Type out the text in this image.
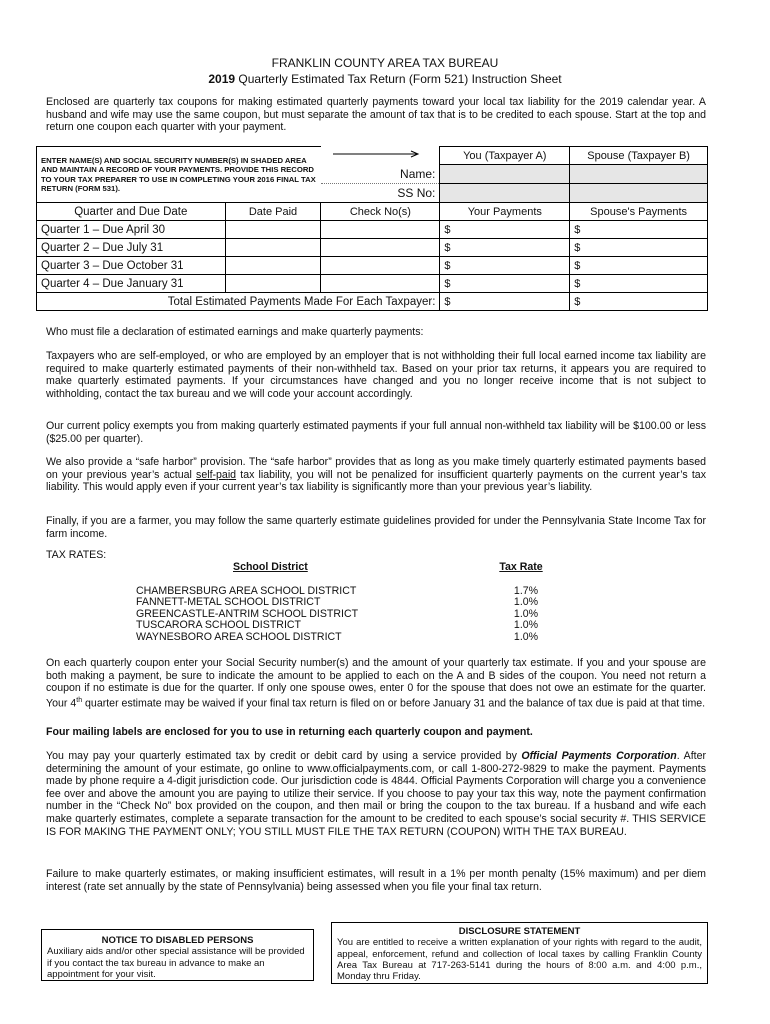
FRANKLIN COUNTY AREA TAX BUREAU
2019 Quarterly Estimated Tax Return (Form 521) Instruction Sheet

Enclosed are quarterly tax coupons for making estimated quarterly payments toward your local tax liability for the 2019 calendar year. A husband and wife may use the same coupon, but must separate the amount of tax that is to be credited to each spouse. Start at the top and return one coupon each quarter with your payment.

ENTER NAME(S) AND SOCIAL SECURITY NUMBER(S) IN SHADED AREA AND MAINTAIN A RECORD OF YOUR PAYMENTS. PROVIDE THIS RECORD TO YOUR TAX PREPARER TO USE IN COMPLETING YOUR 2016 FINAL TAX RETURN (FORM 531).			You (Taxpayer A)	Spouse (Taxpayer B)
		Name:		
		SS No:		
Quarter and Due Date	Date Paid	Check No(s)	Your Payments	Spouse's Payments
Quarter 1 – Due April 30			$	$
Quarter 2 – Due July 31			$	$
Quarter 3 – Due October 31			$	$
Quarter 4 – Due January 31			$	$
Total Estimated Payments Made For Each Taxpayer:			$	$

Who must file a declaration of estimated earnings and make quarterly payments:

Taxpayers who are self-employed, or who are employed by an employer that is not withholding their full local earned income tax liability are required to make quarterly estimated payments of their non-withheld tax. Based on your prior tax returns, it appears you are required to make quarterly estimated payments. If your circumstances have changed and you no longer receive income that is not subject to withholding, contact the tax bureau and we will code your account accordingly.

Our current policy exempts you from making quarterly estimated payments if your full annual non-withheld tax liability will be $100.00 or less ($25.00 per quarter).

We also provide a “safe harbor” provision. The “safe harbor” provides that as long as you make timely quarterly estimated payments based on your previous year’s actual self-paid tax liability, you will not be penalized for insufficient quarterly payments on the current year’s tax liability. This would apply even if your current year’s tax liability is significantly more than your previous year’s liability.

Finally, if you are a farmer, you may follow the same quarterly estimate guidelines provided for under the Pennsylvania State Income Tax for farm income.

TAX RATES:
School District	Tax Rate
CHAMBERSBURG AREA SCHOOL DISTRICT	1.7%
FANNETT-METAL SCHOOL DISTRICT	1.0%
GREENCASTLE-ANTRIM SCHOOL DISTRICT	1.0%
TUSCARORA SCHOOL DISTRICT	1.0%
WAYNESBORO AREA SCHOOL DISTRICT	1.0%

On each quarterly coupon enter your Social Security number(s) and the amount of your quarterly tax estimate. If you and your spouse are both making a payment, be sure to indicate the amount to be applied to each on the A and B sides of the coupon. You need not return a coupon if no estimate is due for the quarter. If only one spouse owes, enter 0 for the spouse that does not owe an estimate for the quarter. Your 4th quarter estimate may be waived if your final tax return is filed on or before January 31 and the balance of tax due is paid at that time.

Four mailing labels are enclosed for you to use in returning each quarterly coupon and payment.

You may pay your quarterly estimated tax by credit or debit card by using a service provided by Official Payments Corporation. After determining the amount of your estimate, go online to www.officialpayments.com, or call 1-800-272-9829 to make the payment. Payments made by phone require a 4-digit jurisdiction code. Our jurisdiction code is 4844. Official Payments Corporation will charge you a convenience fee over and above the amount you are paying to utilize their service. If you choose to pay your tax this way, note the payment confirmation number in the “Check No” box provided on the coupon, and then mail or bring the coupon to the tax bureau. If a husband and wife each make quarterly estimates, complete a separate transaction for the amount to be credited to each spouse’s social security #. THIS SERVICE IS FOR MAKING THE PAYMENT ONLY; YOU STILL MUST FILE THE TAX RETURN (COUPON) WITH THE TAX BUREAU.

Failure to make quarterly estimates, or making insufficient estimates, will result in a 1% per month penalty (15% maximum) and per diem interest (rate set annually by the state of Pennsylvania) being assessed when you file your final tax return.

NOTICE TO DISABLED PERSONS
Auxiliary aids and/or other special assistance will be provided if you contact the tax bureau in advance to make an appointment for your visit.
DISCLOSURE STATEMENT
You are entitled to receive a written explanation of your rights with regard to the audit, appeal, enforcement, refund and collection of local taxes by calling Franklin County Area Tax Bureau at 717-263-5141 during the hours of 8:00 a.m. and 4:00 p.m., Monday thru Friday.
